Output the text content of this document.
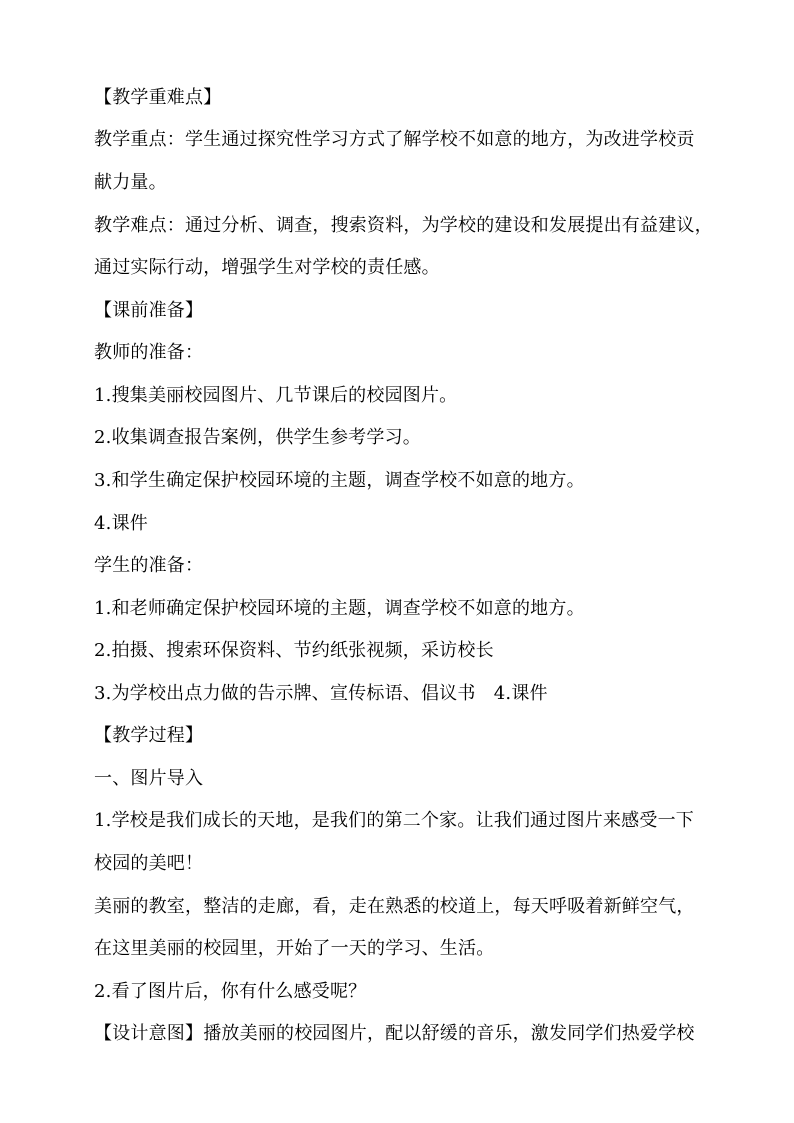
【教学重难点】
教学重点：学生通过探究性学习方式了解学校不如意的地方，为改进学校贡
献力量。
教学难点：通过分析、调查，搜索资料，为学校的建设和发展提出有益建议，
通过实际行动，增强学生对学校的责任感。
【课前准备】
教师的准备：
1.搜集美丽校园图片、几节课后的校园图片。
2.收集调查报告案例，供学生参考学习。
3.和学生确定保护校园环境的主题，调查学校不如意的地方。
4.课件
学生的准备：
1.和老师确定保护校园环境的主题，调查学校不如意的地方。
2.拍摄、搜索环保资料、节约纸张视频，采访校长
3.为学校出点力做的告示牌、宣传标语、倡议书　4.课件
【教学过程】
一、图片导入
1.学校是我们成长的天地，是我们的第二个家。让我们通过图片来感受一下
校园的美吧！
美丽的教室，整洁的走廊，看，走在熟悉的校道上，每天呼吸着新鲜空气，
在这里美丽的校园里，开始了一天的学习、生活。
2.看了图片后，你有什么感受呢？
【设计意图】播放美丽的校园图片，配以舒缓的音乐，激发同学们热爱学校
